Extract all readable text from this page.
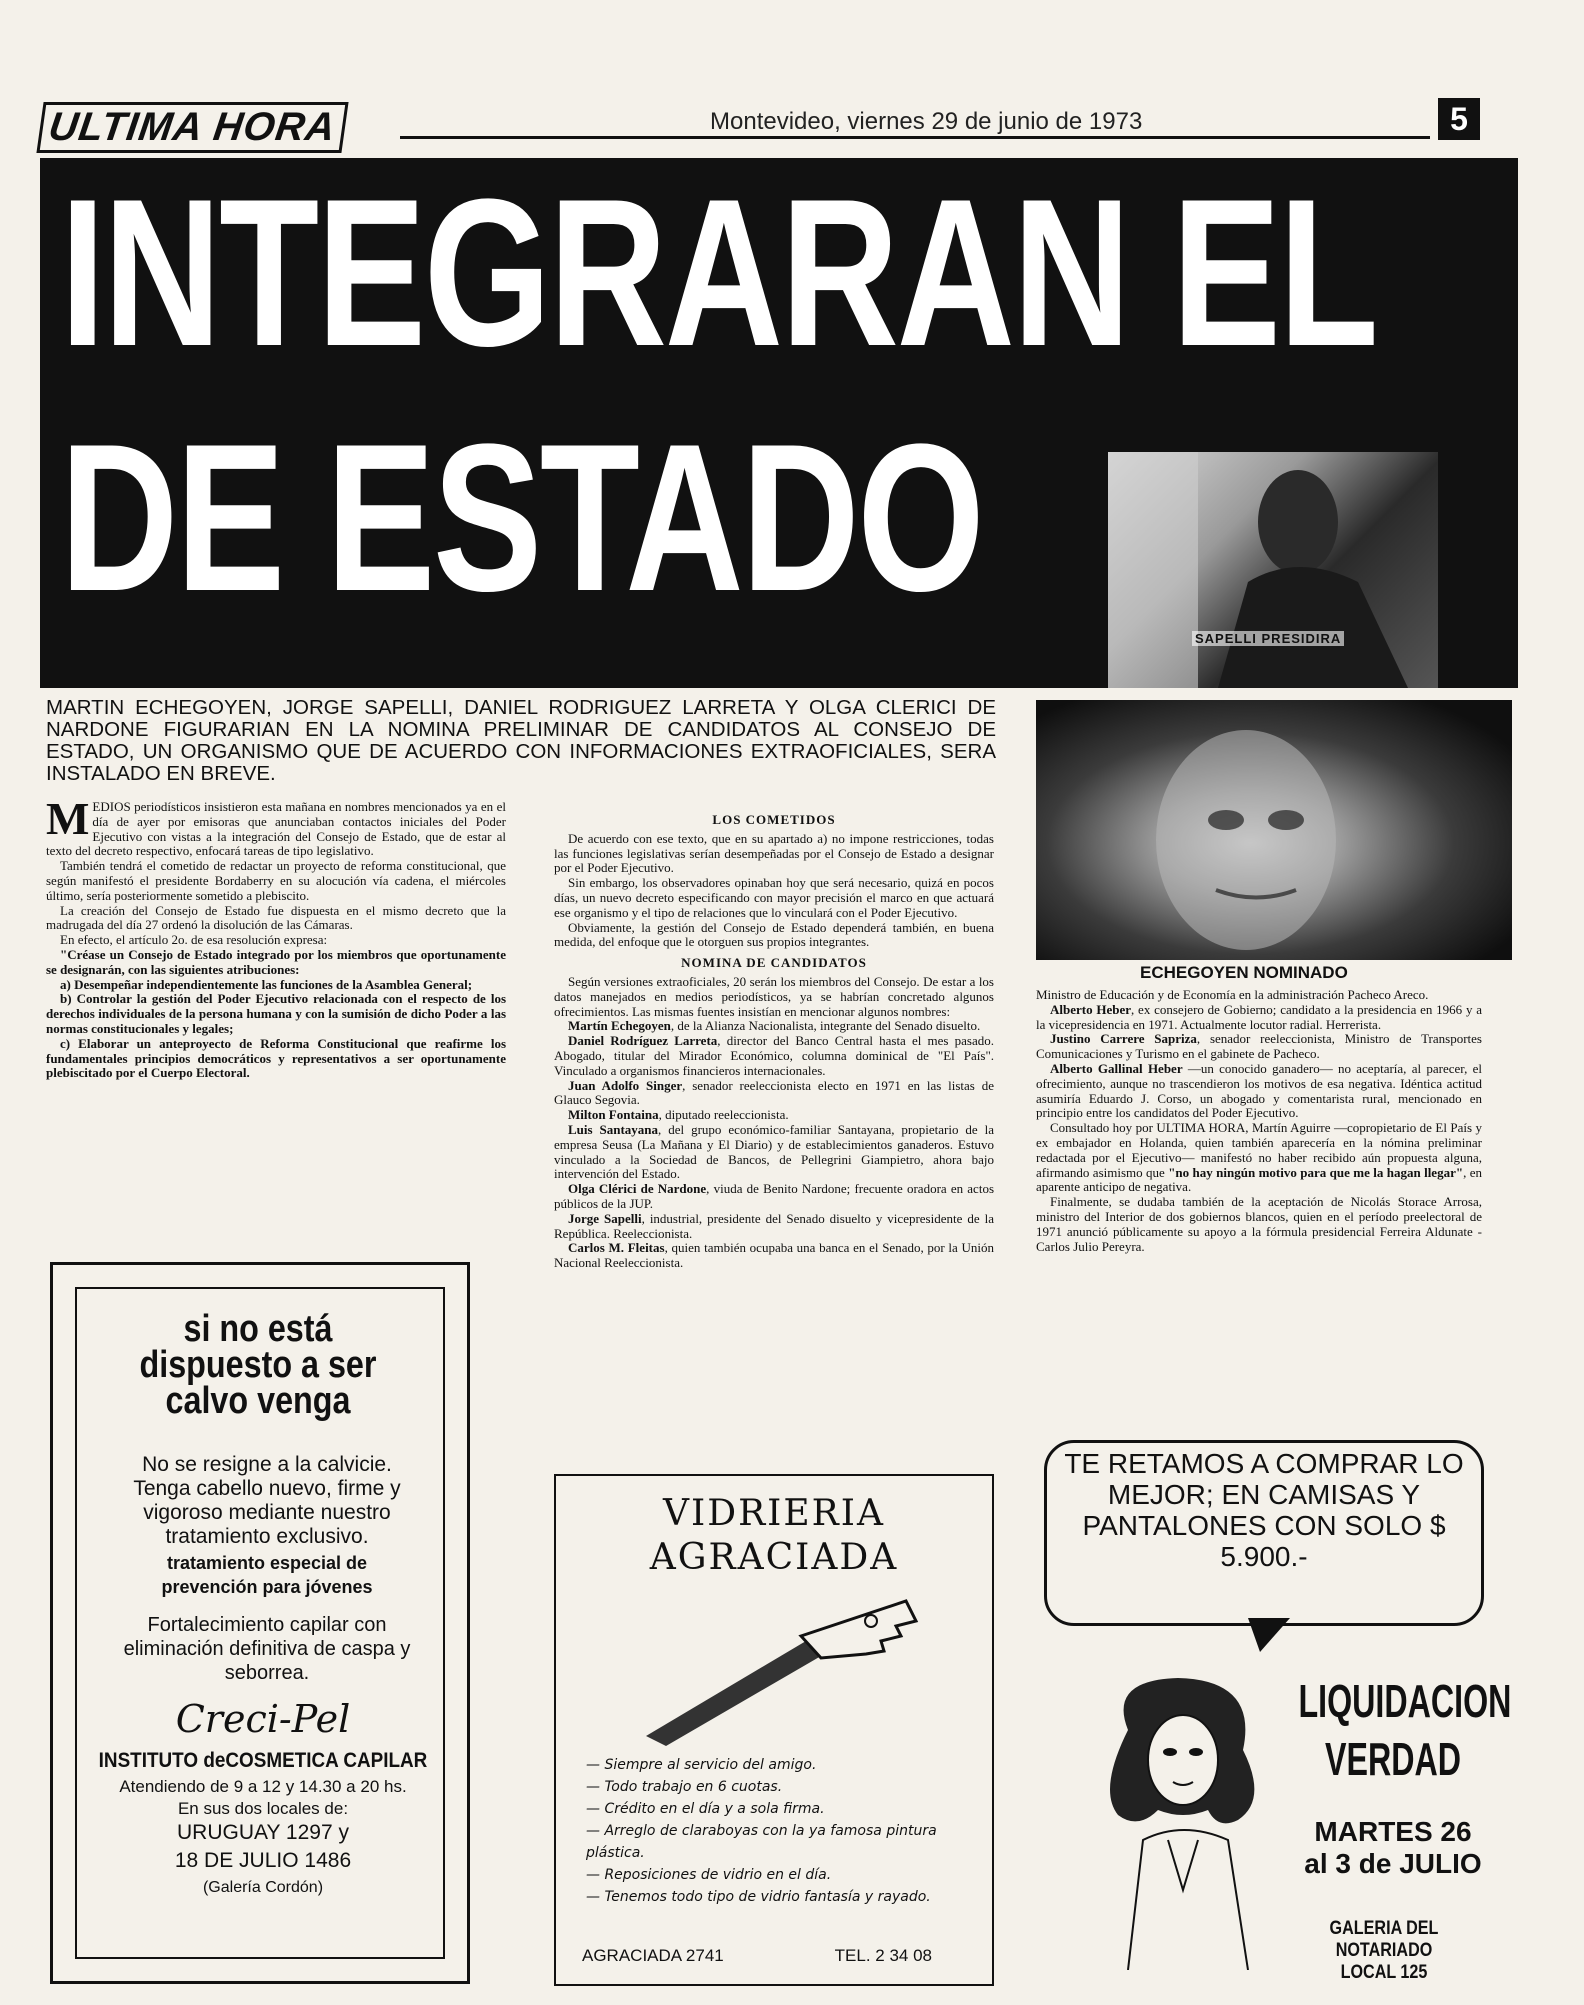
ULTIMA HORA	Montevideo, viernes 29 de junio de 1973	5
INTEGRARAN EL
DE ESTADO
SAPELLI PRESIDIRA
ECHEGOYEN NOMINADO
MARTIN ECHEGOYEN, JORGE SAPELLI, DANIEL RODRIGUEZ LARRETA Y OLGA CLERICI DE NARDONE FIGURARIAN EN LA NOMINA PRELIMINAR DE CANDIDATOS AL CONSEJO DE ESTADO, UN ORGANISMO QUE DE ACUERDO CON INFORMACIONES EXTRAOFICIALES, SERA INSTALADO EN BREVE.

MEDIOS periodísticos insistieron esta mañana en nombres mencionados ya en el día de ayer por emisoras que anunciaban contactos iniciales del Poder Ejecutivo con vistas a la integración del Consejo de Estado, que de estar al texto del decreto respectivo, enfocará tareas de tipo legislativo.

También tendrá el cometido de redactar un proyecto de reforma constitucional, que según manifestó el presidente Bordaberry en su alocución vía cadena, el miércoles último, sería posteriormente sometido a plebiscito.

La creación del Consejo de Estado fue dispuesta en el mismo decreto que la madrugada del día 27 ordenó la disolución de las Cámaras.

En efecto, el artículo 2o. de esa resolución expresa:

"Créase un Consejo de Estado integrado por los miembros que oportunamente se designarán, con las siguientes atribuciones:

a) Desempeñar independientemente las funciones de la Asamblea General;

b) Controlar la gestión del Poder Ejecutivo relacionada con el respecto de los derechos individuales de la persona humana y con la sumisión de dicho Poder a las normas constitucionales y legales;

c) Elaborar un anteproyecto de Reforma Constitucional que reafirme los fundamentales principios democráticos y representativos a ser oportunamente plebiscitado por el Cuerpo Electoral.

LOS COMETIDOS

De acuerdo con ese texto, que en su apartado a) no impone restricciones, todas las funciones legislativas serían desempeñadas por el Consejo de Estado a designar por el Poder Ejecutivo.

Sin embargo, los observadores opinaban hoy que será necesario, quizá en pocos días, un nuevo decreto especificando con mayor precisión el marco en que actuará ese organismo y el tipo de relaciones que lo vinculará con el Poder Ejecutivo.

Obviamente, la gestión del Consejo de Estado dependerá también, en buena medida, del enfoque que le otorguen sus propios integrantes.

NOMINA DE CANDIDATOS

Según versiones extraoficiales, 20 serán los miembros del Consejo. De estar a los datos manejados en medios periodísticos, ya se habrían concretado algunos ofrecimientos. Las mismas fuentes insistían en mencionar algunos nombres:

Martín Echegoyen, de la Alianza Nacionalista, integrante del Senado disuelto.

Daniel Rodríguez Larreta, director del Banco Central hasta el mes pasado. Abogado, titular del Mirador Económico, columna dominical de "El País". Vinculado a organismos financieros internacionales.

Juan Adolfo Singer, senador reeleccionista electo en 1971 en las listas de Glauco Segovia.

Milton Fontaina, diputado reeleccionista.

Luis Santayana, del grupo económico-familiar Santayana, propietario de la empresa Seusa (La Mañana y El Diario) y de establecimientos ganaderos. Estuvo vinculado a la Sociedad de Bancos, de Pellegrini Giampietro, ahora bajo intervención del Estado.

Olga Clérici de Nardone, viuda de Benito Nardone; frecuente oradora en actos públicos de la JUP.

Jorge Sapelli, industrial, presidente del Senado disuelto y vicepresidente de la República. Reeleccionista.

Carlos M. Fleitas, quien también ocupaba una banca en el Senado, por la Unión Nacional Reeleccionista.

Ministro de Educación y de Economía en la administración Pacheco Areco.

Alberto Heber, ex consejero de Gobierno; candidato a la presidencia en 1966 y a la vicepresidencia en 1971. Actualmente locutor radial. Herrerista.

Justino Carrere Sapriza, senador reeleccionista, Ministro de Transportes Comunicaciones y Turismo en el gabinete de Pacheco.

Alberto Gallinal Heber —un conocido ganadero— no aceptaría, al parecer, el ofrecimiento, aunque no trascendieron los motivos de esa negativa. Idéntica actitud asumiría Eduardo J. Corso, un abogado y comentarista rural, mencionado en principio entre los candidatos del Poder Ejecutivo.

Consultado hoy por ULTIMA HORA, Martín Aguirre —copropietario de El País y ex embajador en Holanda, quien también aparecería en la nómina preliminar redactada por el Ejecutivo— manifestó no haber recibido aún propuesta alguna, afirmando asimismo que "no hay ningún motivo para que me la hagan llegar", en aparente anticipo de negativa.

Finalmente, se dudaba también de la aceptación de Nicolás Storace Arrosa, ministro del Interior de dos gobiernos blancos, quien en el período preelectoral de 1971 anunció públicamente su apoyo a la fórmula presidencial Ferreira Aldunate - Carlos Julio Pereyra.

si no está dispuesto a ser calvo venga
No se resigne a la calvicie. Tenga cabello nuevo, firme y vigoroso mediante nuestro tratamiento exclusivo.
tratamiento especial de prevención para jóvenes
Fortalecimiento capilar con eliminación definitiva de caspa y seborrea.
Creci-Pel
INSTITUTO deCOSMETICA CAPILAR
Atendiendo de 9 a 12 y 14.30 a 20 hs.
En sus dos locales de:
URUGUAY 1297 y
18 DE JULIO 1486
(Galería Cordón)
VIDRIERIA AGRACIADA
— Siempre al servicio del amigo.
— Todo trabajo en 6 cuotas.
— Crédito en el día y a sola firma.
— Arreglo de claraboyas con la ya famosa pintura plástica.
— Reposiciones de vidrio en el día.
— Tenemos todo tipo de vidrio fantasía y rayado.
AGRACIADA 2741	TEL. 2 34 08
TE RETAMOS A COMPRAR LO MEJOR; EN CAMISAS Y PANTALONES CON SOLO $ 5.900.-
LIQUIDACION
VERDAD
MARTES 26
al 3 de JULIO
GALERIA DEL NOTARIADO
LOCAL 125
